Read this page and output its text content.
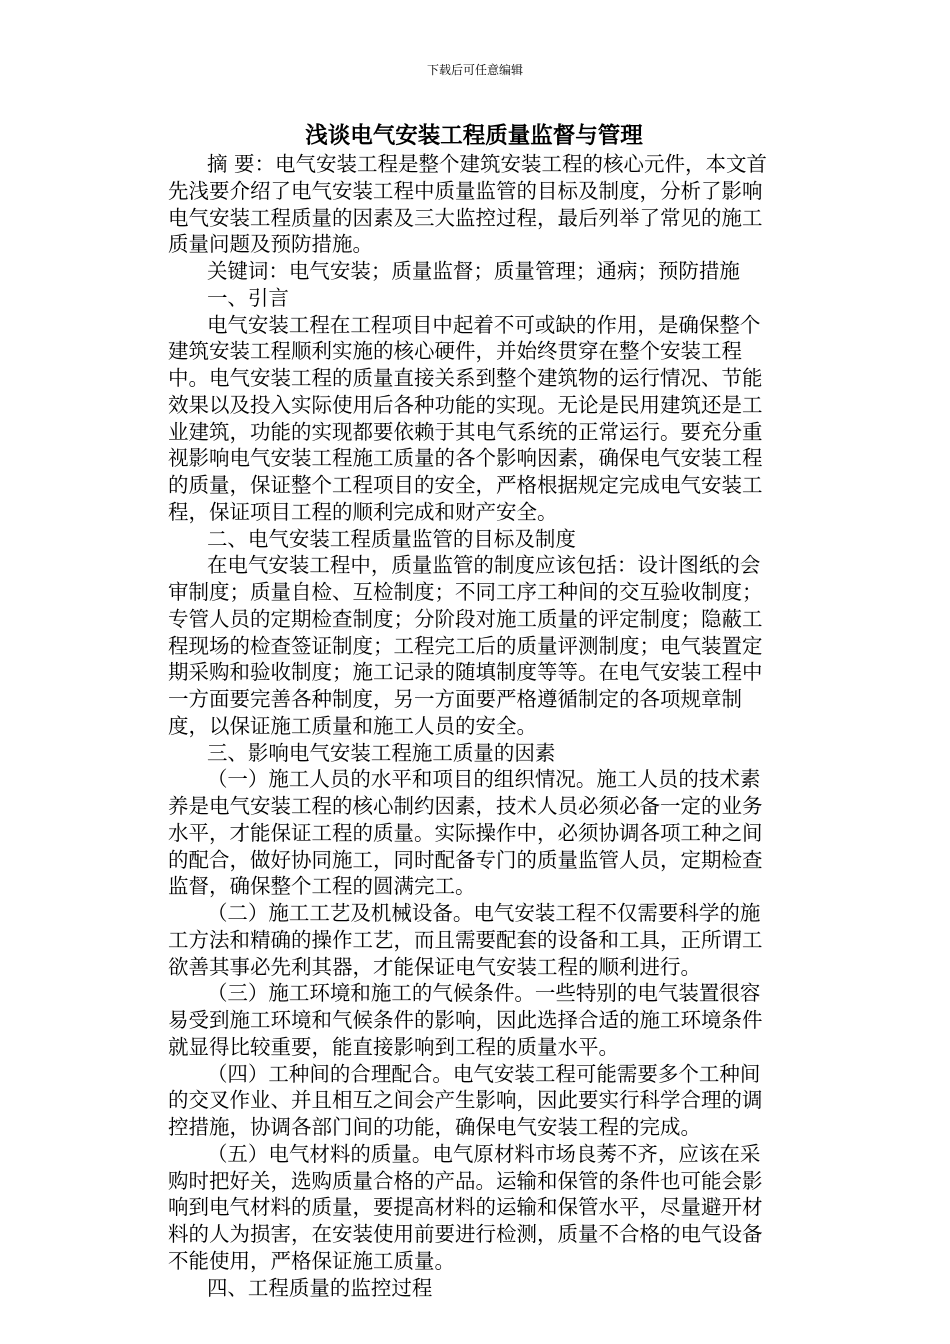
下载后可任意编辑
浅谈电气安装工程质量监督与管理

摘 要：电气安装工程是整个建筑安装工程的核心元件，本文首先浅要介绍了电气安装工程中质量监管的目标及制度，分析了影响电气安装工程质量的因素及三大监控过程，最后列举了常见的施工质量问题及预防措施。

关键词：电气安装；质量监督；质量管理；通病；预防措施

一、引言

电气安装工程在工程项目中起着不可或缺的作用，是确保整个建筑安装工程顺利实施的核心硬件，并始终贯穿在整个安装工程中。电气安装工程的质量直接关系到整个建筑物的运行情况、节能效果以及投入实际使用后各种功能的实现。无论是民用建筑还是工业建筑，功能的实现都要依赖于其电气系统的正常运行。要充分重视影响电气安装工程施工质量的各个影响因素，确保电气安装工程的质量，保证整个工程项目的安全，严格根据规定完成电气安装工程，保证项目工程的顺利完成和财产安全。

二、电气安装工程质量监管的目标及制度

在电气安装工程中，质量监管的制度应该包括：设计图纸的会审制度；质量自检、互检制度；不同工序工种间的交互验收制度；专管人员的定期检查制度；分阶段对施工质量的评定制度；隐蔽工程现场的检查签证制度；工程完工后的质量评测制度；电气装置定期采购和验收制度；施工记录的随填制度等等。在电气安装工程中一方面要完善各种制度，另一方面要严格遵循制定的各项规章制度，以保证施工质量和施工人员的安全。

三、影响电气安装工程施工质量的因素

（一）施工人员的水平和项目的组织情况。施工人员的技术素养是电气安装工程的核心制约因素，技术人员必须必备一定的业务水平，才能保证工程的质量。实际操作中，必须协调各项工种之间的配合，做好协同施工，同时配备专门的质量监管人员，定期检查监督，确保整个工程的圆满完工。

（二）施工工艺及机械设备。电气安装工程不仅需要科学的施工方法和精确的操作工艺，而且需要配套的设备和工具，正所谓工欲善其事必先利其器，才能保证电气安装工程的顺利进行。

（三）施工环境和施工的气候条件。一些特别的电气装置很容易受到施工环境和气候条件的影响，因此选择合适的施工环境条件就显得比较重要，能直接影响到工程的质量水平。

（四）工种间的合理配合。电气安装工程可能需要多个工种间的交叉作业、并且相互之间会产生影响，因此要实行科学合理的调控措施，协调各部门间的功能，确保电气安装工程的完成。

（五）电气材料的质量。电气原材料市场良莠不齐，应该在采购时把好关，选购质量合格的产品。运输和保管的条件也可能会影响到电气材料的质量，要提高材料的运输和保管水平，尽量避开材料的人为损害，在安装使用前要进行检测，质量不合格的电气设备不能使用，严格保证施工质量。

四、工程质量的监控过程
